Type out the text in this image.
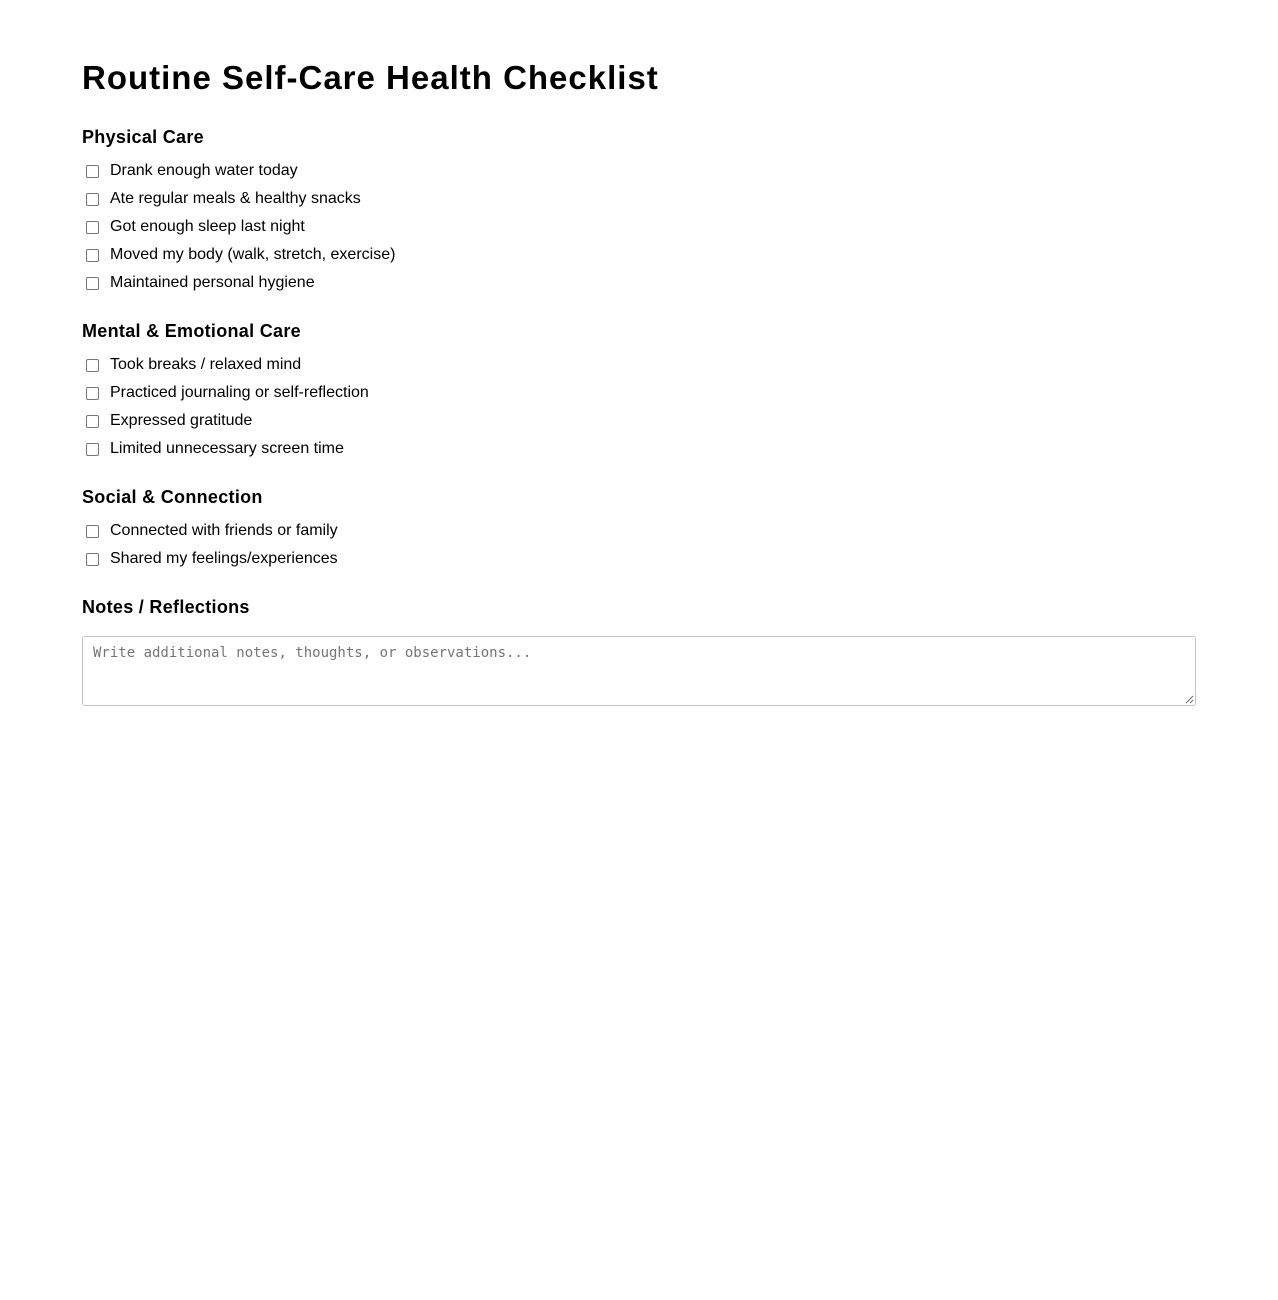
Routine Self-Care Health Checklist
Physical Care
Drank enough water today
Ate regular meals & healthy snacks
Got enough sleep last night
Moved my body (walk, stretch, exercise)
Maintained personal hygiene
Mental & Emotional Care
Took breaks / relaxed mind
Practiced journaling or self-reflection
Expressed gratitude
Limited unnecessary screen time
Social & Connection
Connected with friends or family
Shared my feelings/experiences
Notes / Reflections
Write additional notes, thoughts, or observations...
